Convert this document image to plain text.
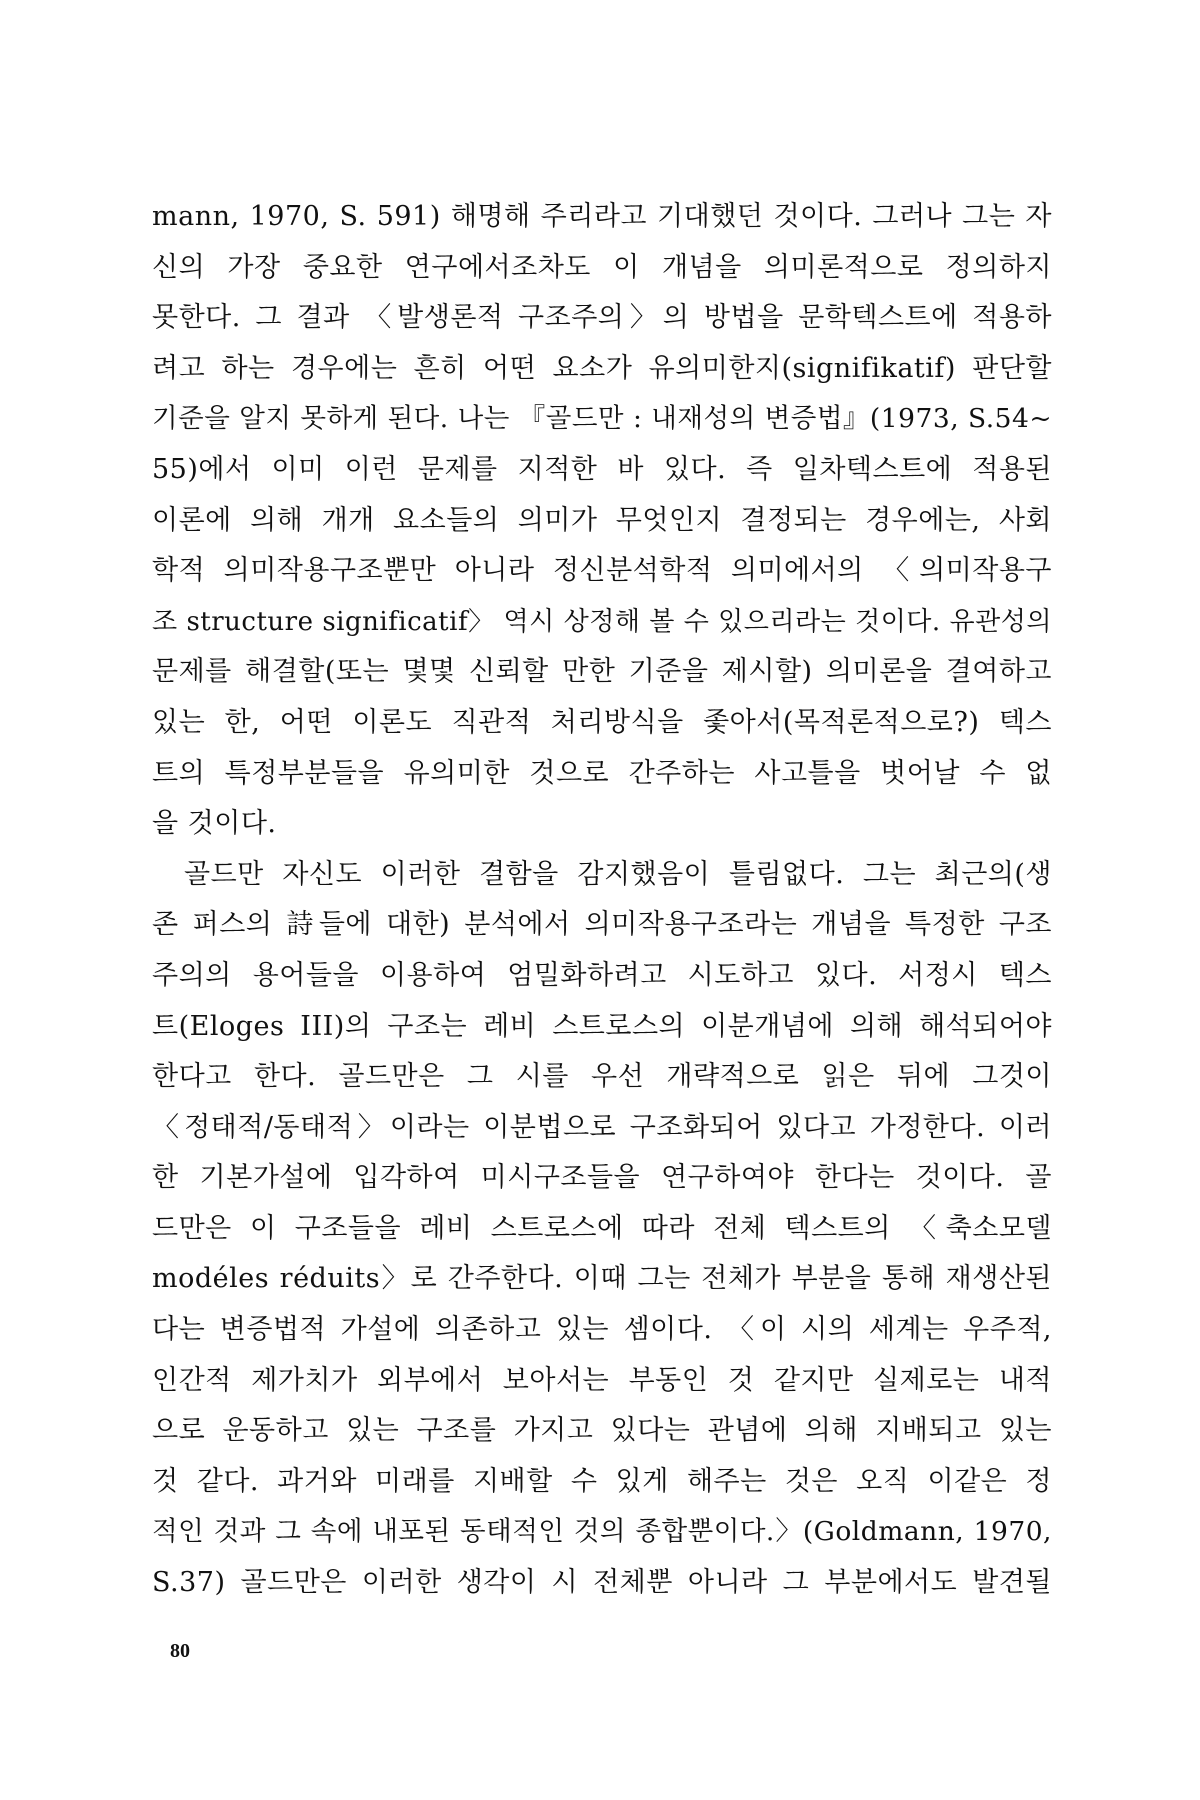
mann, 1970, S. 591) 해명해 주리라고 기대했던 것이다. 그러나 그는 자
신의 가장 중요한 연구에서조차도 이 개념을 의미론적으로 정의하지
못한다. 그 결과 〈발생론적 구조주의〉의 방법을 문학텍스트에 적용하
려고 하는 경우에는 흔히 어떤 요소가 유의미한지(signifikatif) 판단할
기준을 알지 못하게 된다. 나는 『골드만 : 내재성의 변증법』(1973, S.54~
55)에서 이미 이런 문제를 지적한 바 있다. 즉 일차텍스트에 적용된
이론에 의해 개개 요소들의 의미가 무엇인지 결정되는 경우에는, 사회
학적 의미작용구조뿐만 아니라 정신분석학적 의미에서의 〈의미작용구
조 structure significatif〉 역시 상정해 볼 수 있으리라는 것이다. 유관성의
문제를 해결할(또는 몇몇 신뢰할 만한 기준을 제시할) 의미론을 결여하고
있는 한, 어떤 이론도 직관적 처리방식을 좇아서(목적론적으로?) 텍스
트의 특정부분들을 유의미한 것으로 간주하는 사고틀을 벗어날 수 없
을 것이다.
골드만 자신도 이러한 결함을 감지했음이 틀림없다. 그는 최근의(생
존 퍼스의 詩들에 대한) 분석에서 의미작용구조라는 개념을 특정한 구조
주의의 용어들을 이용하여 엄밀화하려고 시도하고 있다. 서정시 텍스
트(Eloges III)의 구조는 레비 스트로스의 이분개념에 의해 해석되어야
한다고 한다. 골드만은 그 시를 우선 개략적으로 읽은 뒤에 그것이
〈정태적/동태적〉이라는 이분법으로 구조화되어 있다고 가정한다. 이러
한 기본가설에 입각하여 미시구조들을 연구하여야 한다는 것이다. 골
드만은 이 구조들을 레비 스트로스에 따라 전체 텍스트의 〈축소모델
modéles réduits〉로 간주한다. 이때 그는 전체가 부분을 통해 재생산된
다는 변증법적 가설에 의존하고 있는 셈이다. 〈이 시의 세계는 우주적,
인간적 제가치가 외부에서 보아서는 부동인 것 같지만 실제로는 내적
으로 운동하고 있는 구조를 가지고 있다는 관념에 의해 지배되고 있는
것 같다. 과거와 미래를 지배할 수 있게 해주는 것은 오직 이같은 정
적인 것과 그 속에 내포된 동태적인 것의 종합뿐이다.〉(Goldmann, 1970,
S.37) 골드만은 이러한 생각이 시 전체뿐 아니라 그 부분에서도 발견될
80
